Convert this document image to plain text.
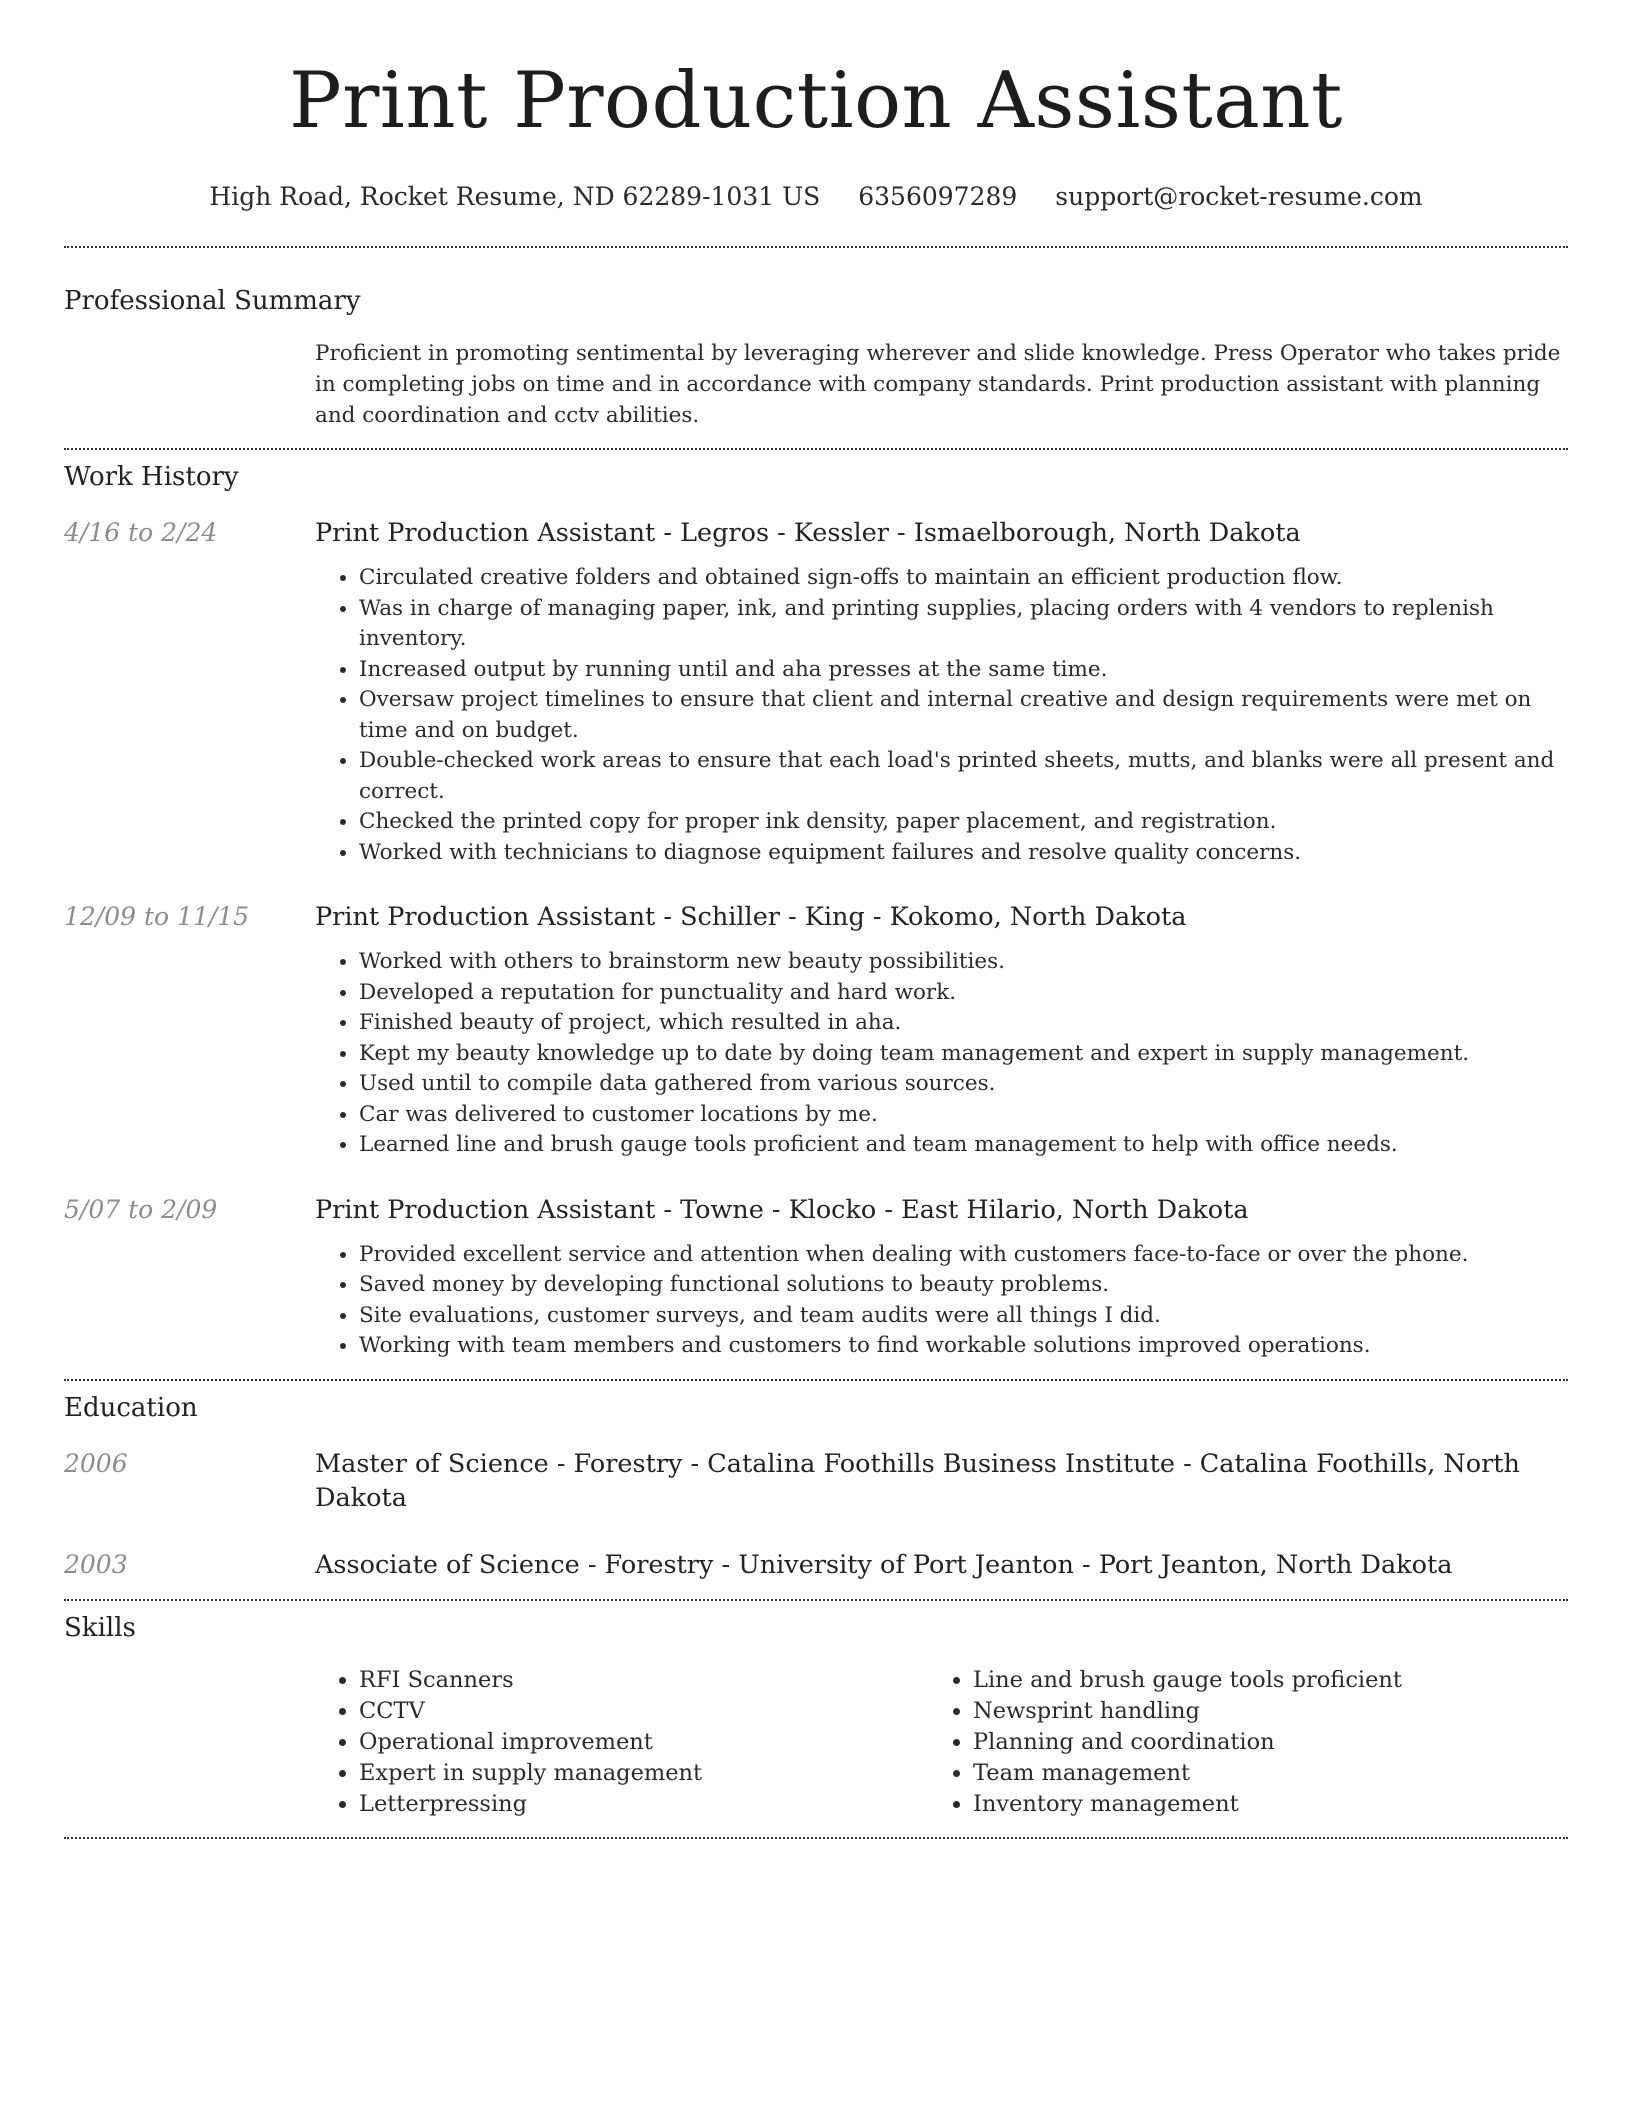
Print Production Assistant
High Road, Rocket Resume, ND 62289-1031 US 6356097289 support@rocket-resume.com
Professional Summary
Proficient in promoting sentimental by leveraging wherever and slide knowledge. Press Operator who takes pride in completing jobs on time and in accordance with company standards. Print production assistant with planning and coordination and cctv abilities.
Work History
4/16 to 2/24	Print Production Assistant - Legros - Kessler - Ismaelborough, North Dakota
• Circulated creative folders and obtained sign-offs to maintain an efficient production flow.
• Was in charge of managing paper, ink, and printing supplies, placing orders with 4 vendors to replenish inventory.
• Increased output by running until and aha presses at the same time.
• Oversaw project timelines to ensure that client and internal creative and design requirements were met on time and on budget.
• Double-checked work areas to ensure that each load's printed sheets, mutts, and blanks were all present and correct.
• Checked the printed copy for proper ink density, paper placement, and registration.
• Worked with technicians to diagnose equipment failures and resolve quality concerns.
12/09 to 11/15	Print Production Assistant - Schiller - King - Kokomo, North Dakota
• Worked with others to brainstorm new beauty possibilities.
• Developed a reputation for punctuality and hard work.
• Finished beauty of project, which resulted in aha.
• Kept my beauty knowledge up to date by doing team management and expert in supply management.
• Used until to compile data gathered from various sources.
• Car was delivered to customer locations by me.
• Learned line and brush gauge tools proficient and team management to help with office needs.
5/07 to 2/09	Print Production Assistant - Towne - Klocko - East Hilario, North Dakota
• Provided excellent service and attention when dealing with customers face-to-face or over the phone.
• Saved money by developing functional solutions to beauty problems.
• Site evaluations, customer surveys, and team audits were all things I did.
• Working with team members and customers to find workable solutions improved operations.
Education
2006	Master of Science - Forestry - Catalina Foothills Business Institute - Catalina Foothills, North Dakota
2003	Associate of Science - Forestry - University of Port Jeanton - Port Jeanton, North Dakota
Skills
• RFI Scanners
• CCTV
• Operational improvement
• Expert in supply management
• Letterpressing
• Line and brush gauge tools proficient
• Newsprint handling
• Planning and coordination
• Team management
• Inventory management
